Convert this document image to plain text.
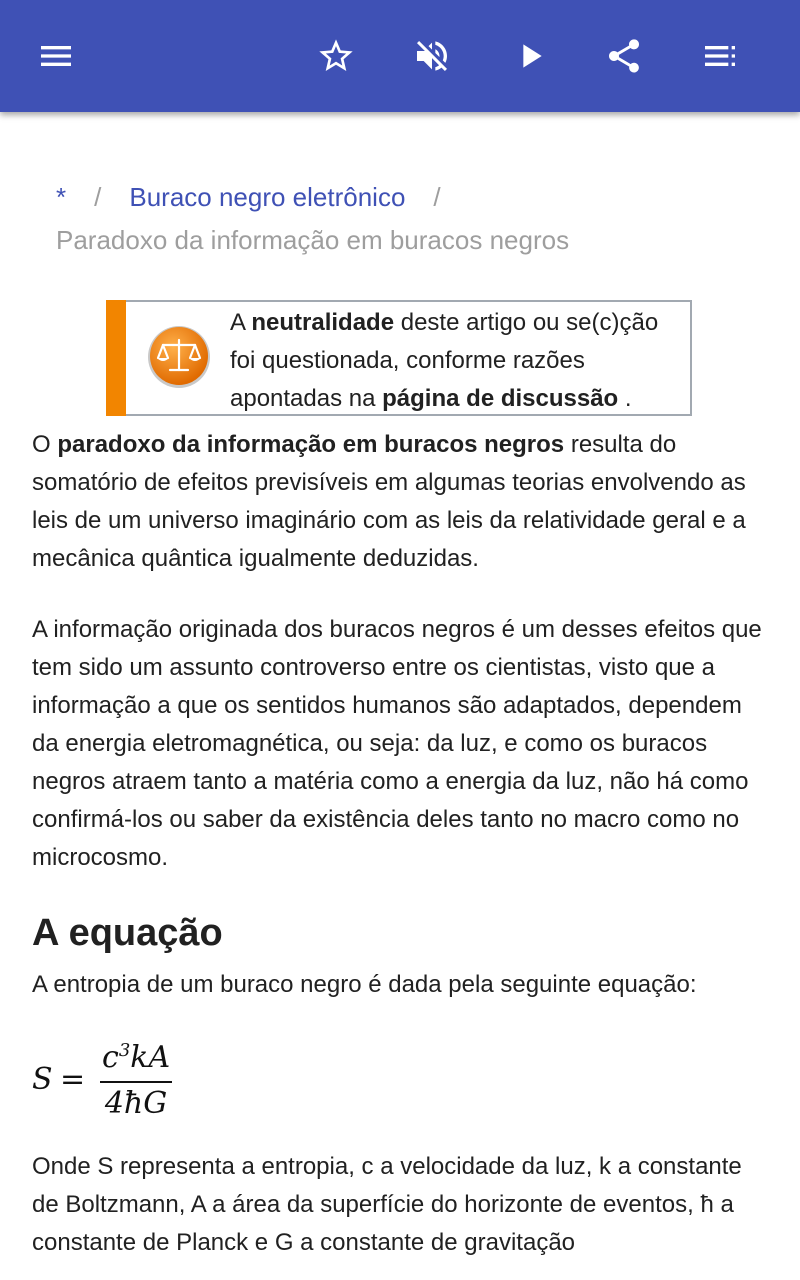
* / Buraco negro eletrônico /
Paradoxo da informação em buracos negros
A neutralidade deste artigo ou se(c)ção foi questionada, conforme razões apontadas na página de discussão .

O paradoxo da informação em buracos negros resulta do somatório de efeitos previsíveis em algumas teorias envolvendo as leis de um universo imaginário com as leis da relatividade geral e a mecânica quântica igualmente deduzidas.

A informação originada dos buracos negros é um desses efeitos que tem sido um assunto controverso entre os cientistas, visto que a informação a que os sentidos humanos são adaptados, dependem da energia eletromagnética, ou seja: da luz, e como os buracos negros atraem tanto a matéria como a energia da luz, não há como confirmá-los ou saber da existência deles tanto no macro como no microcosmo.

A equação

A entropia de um buraco negro é dada pela seguinte equação:

S =
$c^3kA$
4ħG

Onde S representa a entropia, c a velocidade da luz, k a constante de Boltzmann, A a área da superfície do horizonte de eventos, ħ a constante de Planck e G a constante de gravitação
